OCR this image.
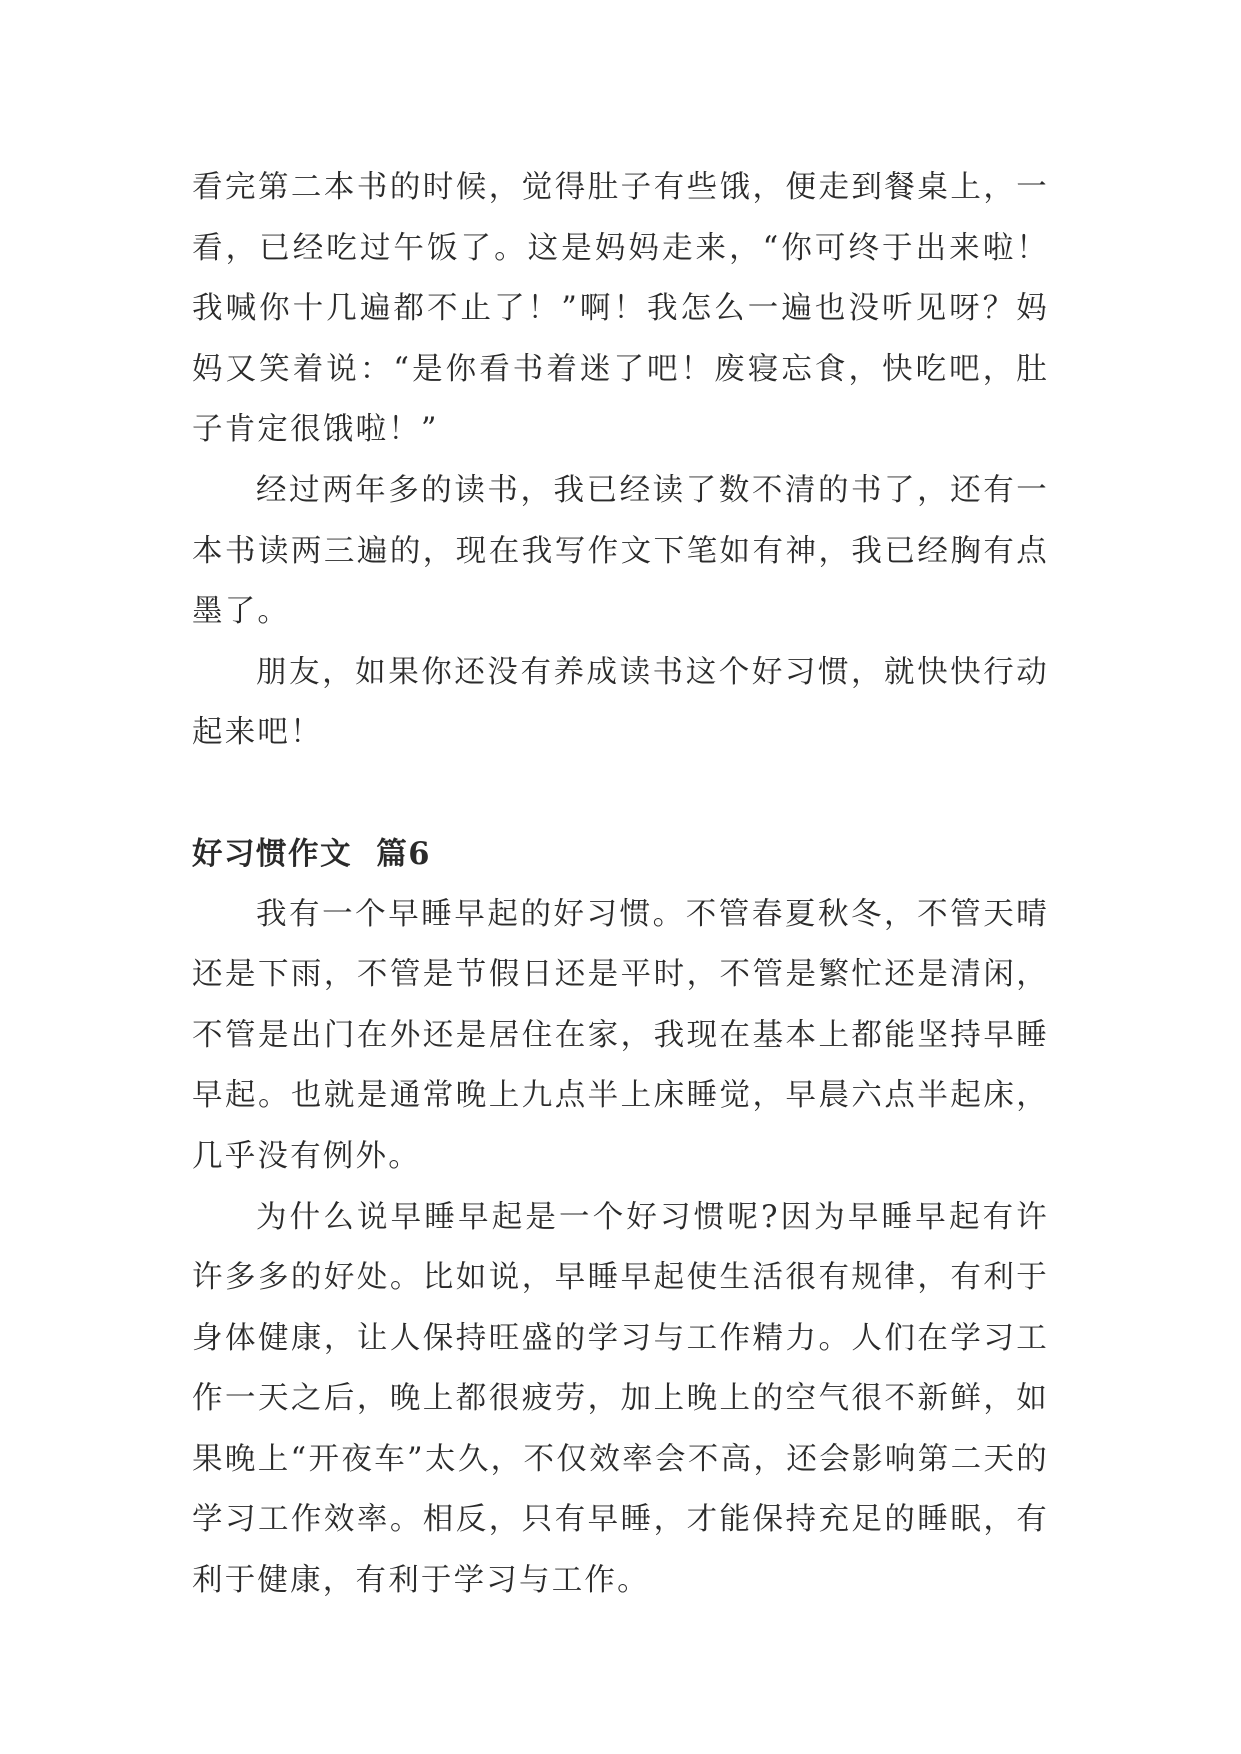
看完第二本书的时候，觉得肚子有些饿，便走到餐桌上，一看，已经吃过午饭了。这是妈妈走来，“你可终于出来啦！我喊你十几遍都不止了！”啊！我怎么一遍也没听见呀？妈妈又笑着说：“是你看书着迷了吧！废寝忘食，快吃吧，肚子肯定很饿啦！”

经过两年多的读书，我已经读了数不清的书了，还有一本书读两三遍的，现在我写作文下笔如有神，我已经胸有点墨了。

朋友，如果你还没有养成读书这个好习惯，就快快行动起来吧！

好习惯作文  篇6

我有一个早睡早起的好习惯。不管春夏秋冬，不管天晴还是下雨，不管是节假日还是平时，不管是繁忙还是清闲，不管是出门在外还是居住在家，我现在基本上都能坚持早睡早起。也就是通常晚上九点半上床睡觉，早晨六点半起床，几乎没有例外。

为什么说早睡早起是一个好习惯呢?因为早睡早起有许许多多的好处。比如说，早睡早起使生活很有规律，有利于身体健康，让人保持旺盛的学习与工作精力。人们在学习工作一天之后，晚上都很疲劳，加上晚上的空气很不新鲜，如果晚上“开夜车”太久，不仅效率会不高，还会影响第二天的学习工作效率。相反，只有早睡，才能保持充足的睡眠，有利于健康，有利于学习与工作。
